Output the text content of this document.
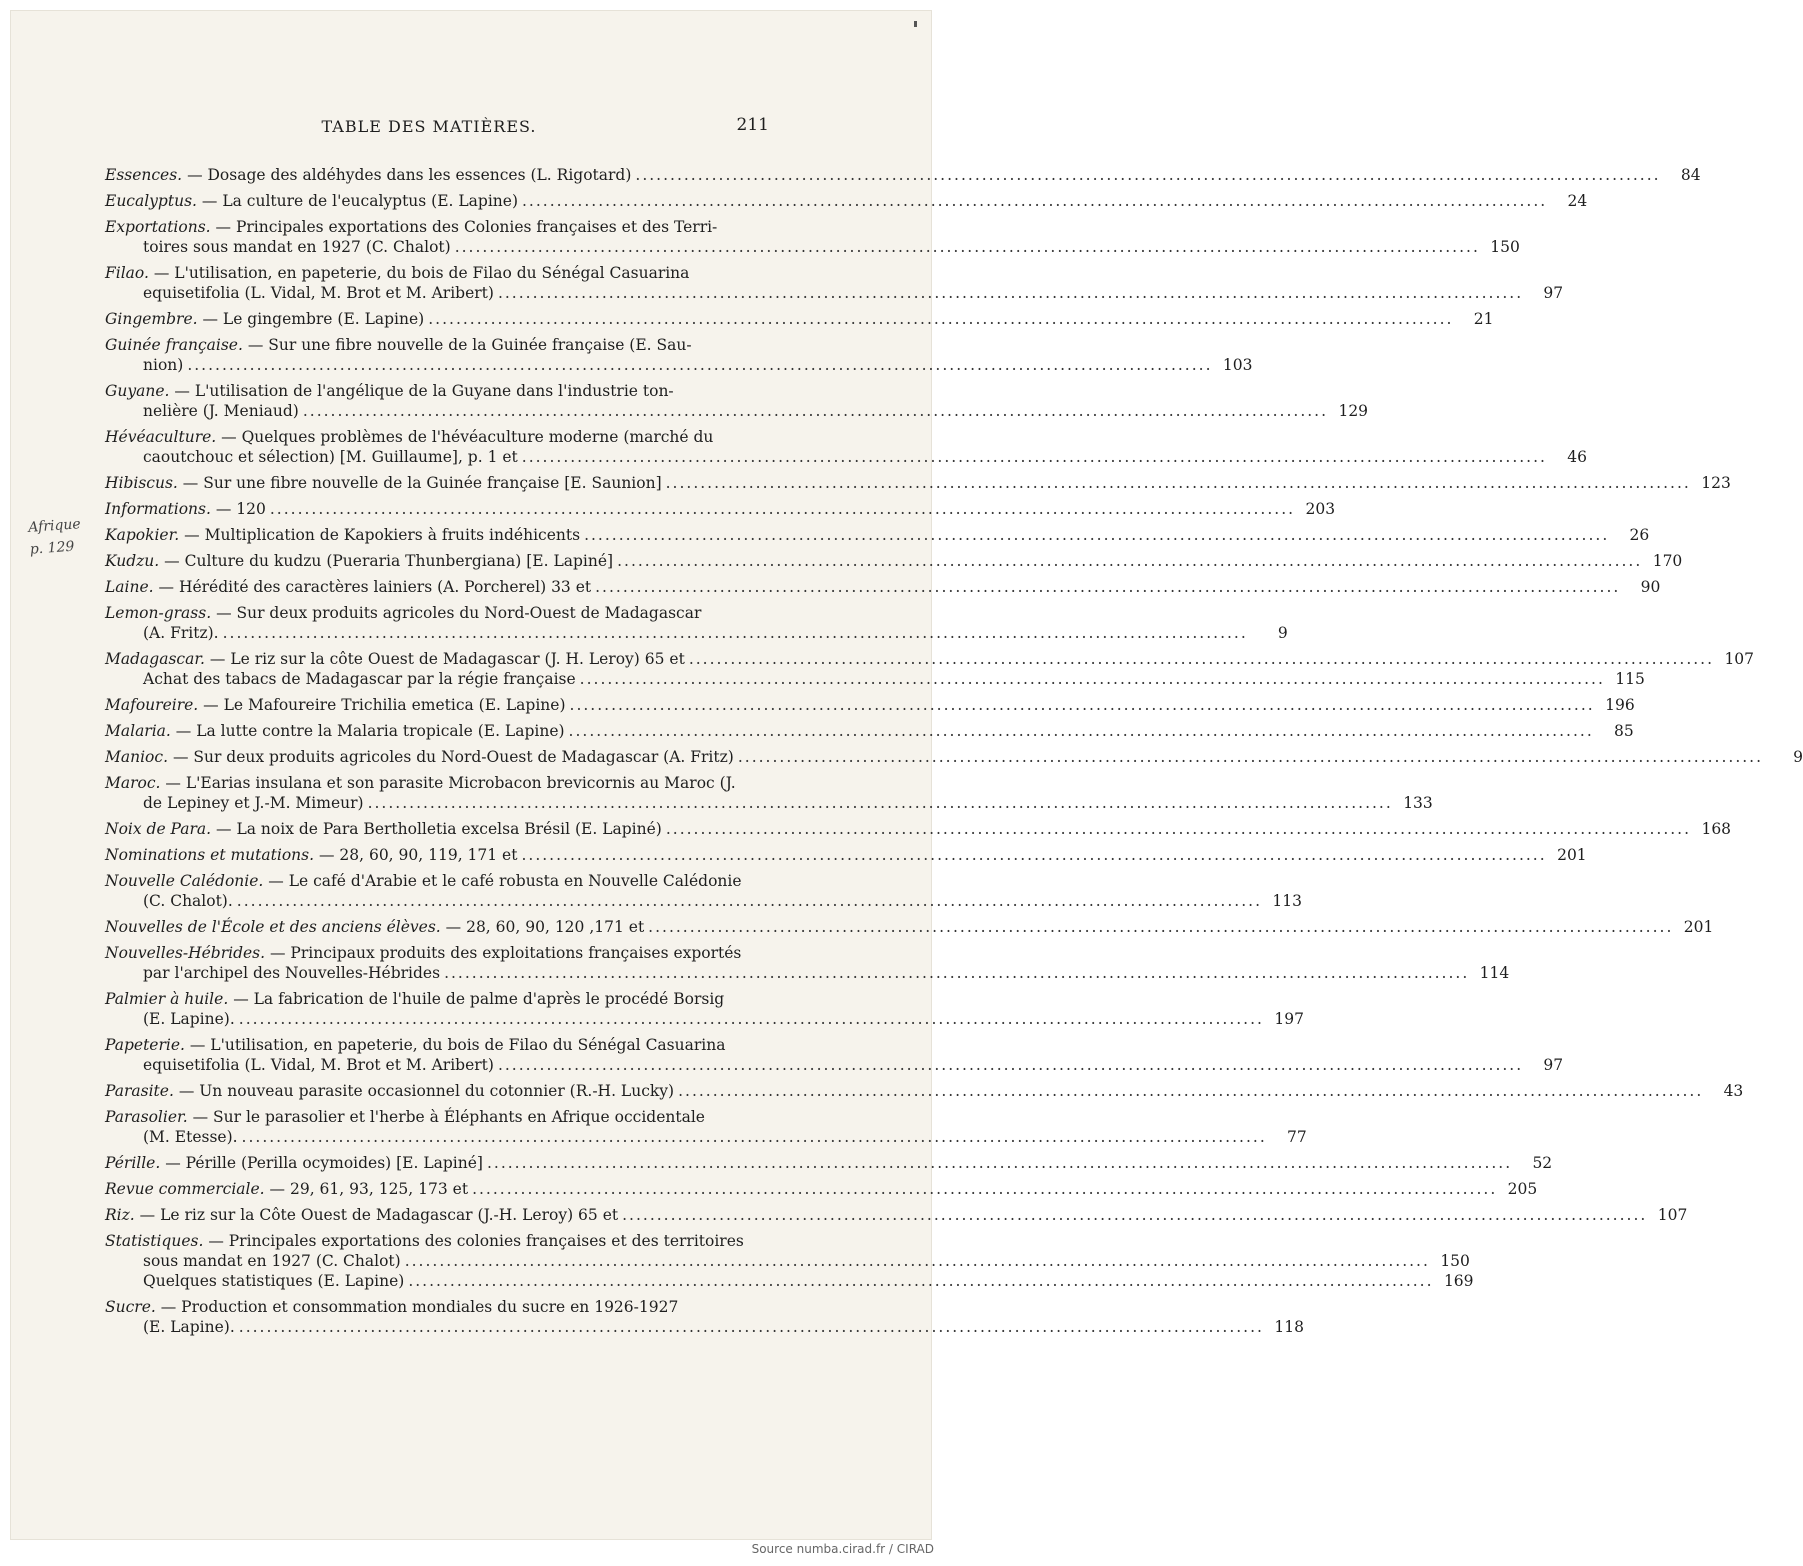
TABLE DES MATIÈRES.	211
Afrique
p. 129
Essences. — Dosage des aldéhydes dans les essences (L. Rigotard) .....	84
Eucalyptus. — La culture de l'eucalyptus (E. Lapine) .....	24
Exportations. — Principales exportations des Colonies françaises et des Terri-
toires sous mandat en 1927 (C. Chalot) .....	150
Filao. — L'utilisation, en papeterie, du bois de Filao du Sénégal Casuarina
equisetifolia (L. Vidal, M. Brot et M. Aribert) .....	97
Gingembre. — Le gingembre (E. Lapine) .....	21
Guinée française. — Sur une fibre nouvelle de la Guinée française (E. Sau-
nion) .....	103
Guyane. — L'utilisation de l'angélique de la Guyane dans l'industrie ton-
nelière (J. Meniaud) .....	129
Hévéaculture. — Quelques problèmes de l'hévéaculture moderne (marché du
caoutchouc et sélection) [M. Guillaume], p. 1 et .....	46
Hibiscus. — Sur une fibre nouvelle de la Guinée française [E. Saunion] .....	123
Informations. — 120 .....	203
Kapokier. — Multiplication de Kapokiers à fruits indéhicents .....	26
Kudzu. — Culture du kudzu (Pueraria Thunbergiana) [E. Lapiné] .....	170
Laine. — Hérédité des caractères lainiers (A. Porcherel) 33 et .....	90
Lemon-grass. — Sur deux produits agricoles du Nord-Ouest de Madagascar
(A. Fritz). .....	9
Madagascar. — Le riz sur la côte Ouest de Madagascar (J. H. Leroy) 65 et .....	107
Achat des tabacs de Madagascar par la régie française .....	115
Mafoureire. — Le Mafoureire Trichilia emetica (E. Lapine) .....	196
Malaria. — La lutte contre la Malaria tropicale (E. Lapine) .....	85
Manioc. — Sur deux produits agricoles du Nord-Ouest de Madagascar (A. Fritz) .....	9
Maroc. — L'Earias insulana et son parasite Microbacon brevicornis au Maroc (J.
de Lepiney et J.-M. Mimeur) .....	133
Noix de Para. — La noix de Para Bertholletia excelsa Brésil (E. Lapiné) .....	168
Nominations et mutations. — 28, 60, 90, 119, 171 et .....	201
Nouvelle Calédonie. — Le café d'Arabie et le café robusta en Nouvelle Calédonie
(C. Chalot). .....	113
Nouvelles de l'École et des anciens élèves. — 28, 60, 90, 120 ,171 et .....	201
Nouvelles-Hébrides. — Principaux produits des exploitations françaises exportés
par l'archipel des Nouvelles-Hébrides .....	114
Palmier à huile. — La fabrication de l'huile de palme d'après le procédé Borsig
(E. Lapine). .....	197
Papeterie. — L'utilisation, en papeterie, du bois de Filao du Sénégal Casuarina
equisetifolia (L. Vidal, M. Brot et M. Aribert) .....	97
Parasite. — Un nouveau parasite occasionnel du cotonnier (R.-H. Lucky) .....	43
Parasolier. — Sur le parasolier et l'herbe à Éléphants en Afrique occidentale
(M. Etesse). .....	77
Pérille. — Pérille (Perilla ocymoides) [E. Lapiné] .....	52
Revue commerciale. — 29, 61, 93, 125, 173 et .....	205
Riz. — Le riz sur la Côte Ouest de Madagascar (J.-H. Leroy) 65 et .....	107
Statistiques. — Principales exportations des colonies françaises et des territoires
sous mandat en 1927 (C. Chalot) .....	150
Quelques statistiques (E. Lapine) .....	169
Sucre. — Production et consommation mondiales du sucre en 1926-1927
(E. Lapine). .....	118
Source numba.cirad.fr / CIRAD
